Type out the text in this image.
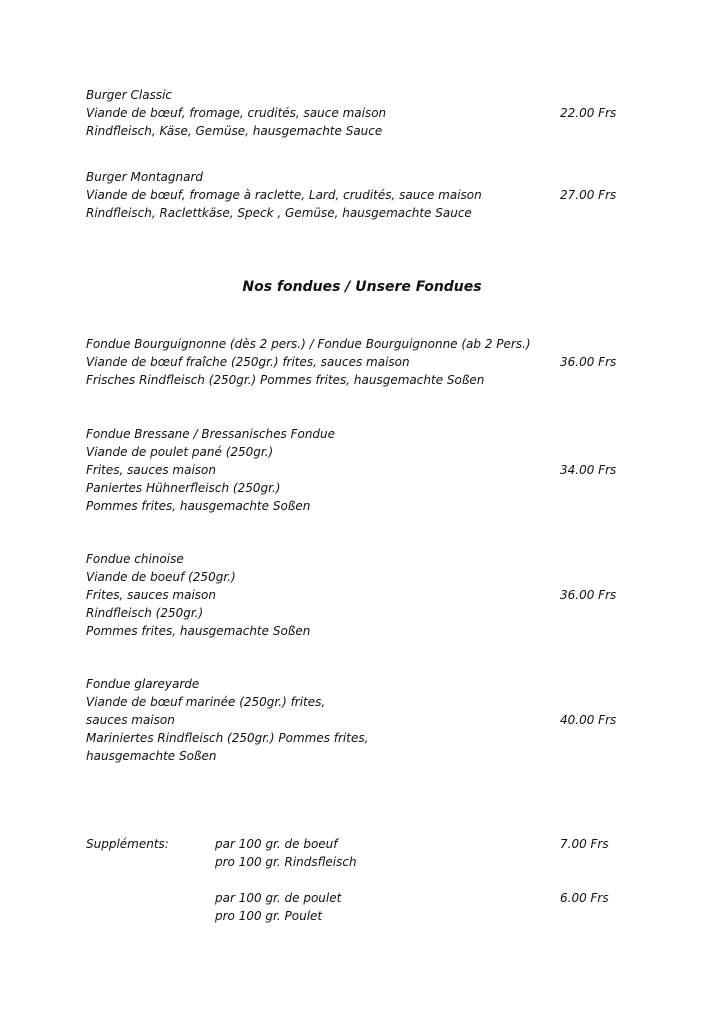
Burger Classic
Viande de bœuf, fromage, crudités, sauce maison
Rindfleisch, Käse, Gemüse, hausgemachte Sauce
22.00 Frs
Burger Montagnard
Viande de bœuf, fromage à raclette, Lard, crudités, sauce maison
Rindfleisch, Raclettkäse, Speck , Gemüse, hausgemachte Sauce
27.00 Frs
Nos fondues / Unsere Fondues
Fondue Bourguignonne (dès 2 pers.) / Fondue Bourguignonne (ab 2 Pers.)
Viande de bœuf fraîche (250gr.) frites, sauces maison
Frisches Rindfleisch (250gr.) Pommes frites, hausgemachte Soßen
36.00 Frs
Fondue Bressane / Bressanisches Fondue
Viande de poulet pané (250gr.)
Frites, sauces maison
Paniertes Hühnerfleisch (250gr.)
Pommes frites, hausgemachte Soßen
34.00 Frs
Fondue chinoise
Viande de boeuf (250gr.)
Frites, sauces maison
Rindfleisch (250gr.)
Pommes frites, hausgemachte Soßen
36.00 Frs
Fondue glareyarde
Viande de bœuf marinée (250gr.) frites,
sauces maison
Mariniertes Rindfleisch (250gr.) Pommes frites,
hausgemachte Soßen
40.00 Frs
Suppléments:	par 100 gr. de boeuf
pro 100 gr. Rindsfleisch
7.00 Frs
par 100 gr. de poulet
pro 100 gr. Poulet
6.00 Frs
